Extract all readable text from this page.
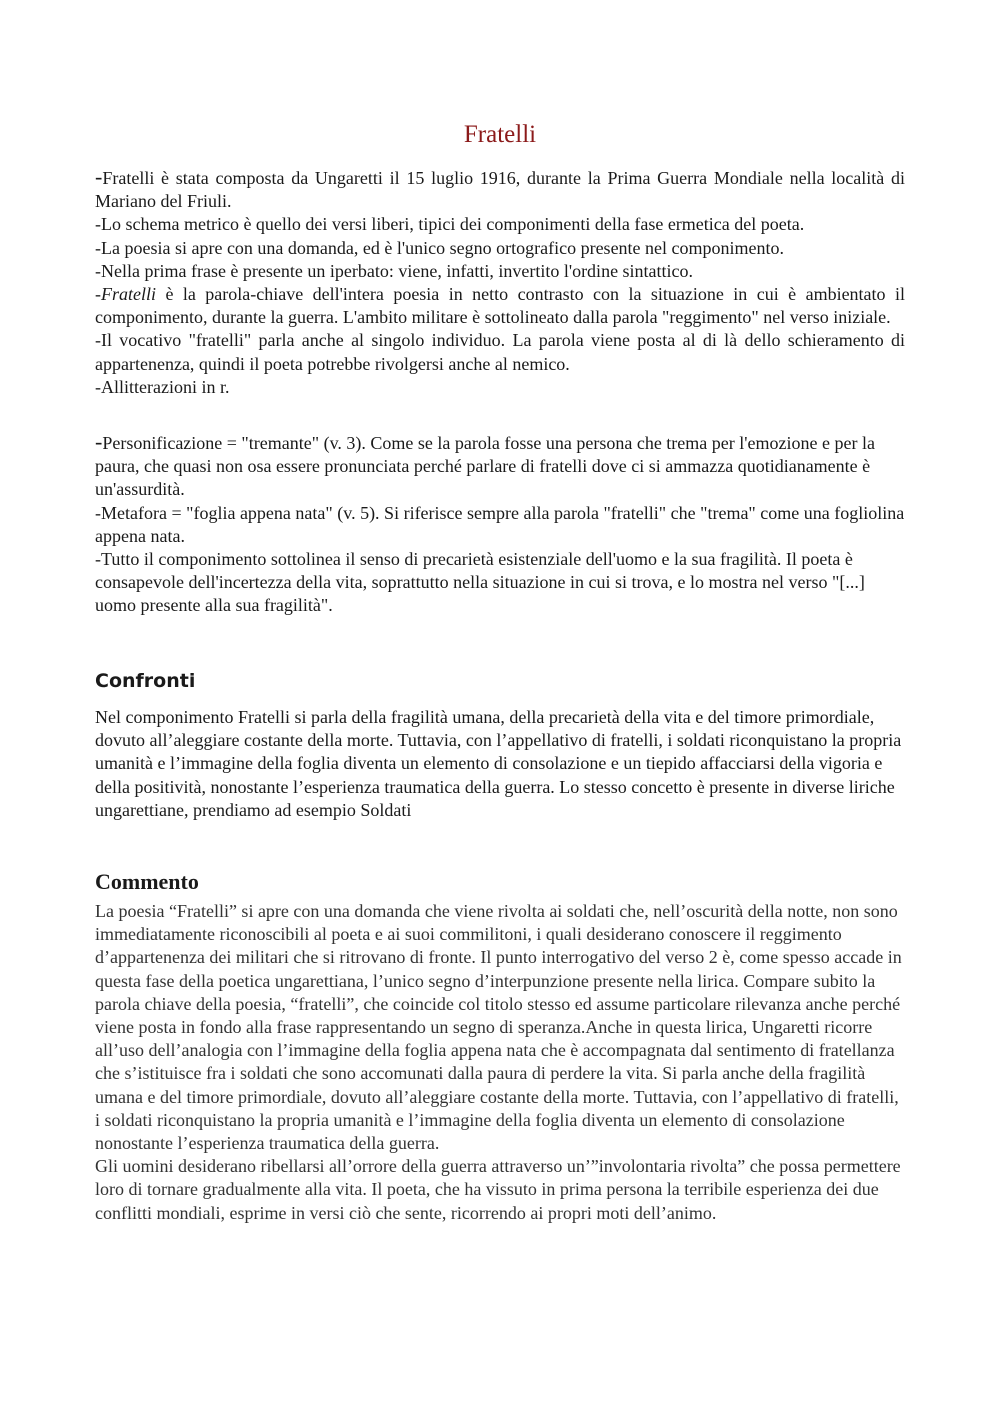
Fratelli

-Fratelli è stata composta da Ungaretti il 15 luglio 1916, durante la Prima Guerra Mondiale nella località di Mariano del Friuli.

-Lo schema metrico è quello dei versi liberi, tipici dei componimenti della fase ermetica del poeta.

-La poesia si apre con una domanda, ed è l'unico segno ortografico presente nel componimento.

-Nella prima frase è presente un iperbato: viene, infatti, invertito l'ordine sintattico.

-Fratelli è la parola-chiave dell'intera poesia in netto contrasto con la situazione in cui è ambientato il componimento, durante la guerra. L'ambito militare è sottolineato dalla parola "reggimento" nel verso iniziale.

-Il vocativo "fratelli" parla anche al singolo individuo. La parola viene posta al di là dello schieramento di appartenenza, quindi il poeta potrebbe rivolgersi anche al nemico.

-Allitterazioni in r.

-Personificazione = "tremante" (v. 3). Come se la parola fosse una persona che trema per l'emozione e per la paura, che quasi non osa essere pronunciata perché parlare di fratelli dove ci si ammazza quotidianamente è un'assurdità.

-Metafora = "foglia appena nata" (v. 5). Si riferisce sempre alla parola "fratelli" che "trema" come una fogliolina appena nata.

-Tutto il componimento sottolinea il senso di precarietà esistenziale dell'uomo e la sua fragilità. Il poeta è consapevole dell'incertezza della vita, soprattutto nella situazione in cui si trova, e lo mostra nel verso "[...] uomo presente alla sua fragilità".

Confronti

Nel componimento Fratelli si parla della fragilità umana, della precarietà della vita e del timore primordiale, dovuto all’aleggiare costante della morte. Tuttavia, con l’appellativo di fratelli, i soldati riconquistano la propria umanità e l’immagine della foglia diventa un elemento di consolazione e un tiepido affacciarsi della vigoria e della positività, nonostante l’esperienza traumatica della guerra. Lo stesso concetto è presente in diverse liriche ungarettiane, prendiamo ad esempio Soldati

Commento

La poesia “Fratelli” si apre con una domanda che viene rivolta ai soldati che, nell’oscurità della notte, non sono immediatamente riconoscibili al poeta e ai suoi commilitoni, i quali desiderano conoscere il reggimento d’appartenenza dei militari che si ritrovano di fronte. Il punto interrogativo del verso 2 è, come spesso accade in questa fase della poetica ungarettiana, l’unico segno d’interpunzione presente nella lirica. Compare subito la parola chiave della poesia, “fratelli”, che coincide col titolo stesso ed assume particolare rilevanza anche perché viene posta in fondo alla frase rappresentando un segno di speranza.Anche in questa lirica, Ungaretti ricorre all’uso dell’analogia con l’immagine della foglia appena nata che è accompagnata dal sentimento di fratellanza che s’istituisce fra i soldati che sono accomunati dalla paura di perdere la vita. Si parla anche della fragilità umana e del timore primordiale, dovuto all’aleggiare costante della morte. Tuttavia, con l’appellativo di fratelli, i soldati riconquistano la propria umanità e l’immagine della foglia diventa un elemento di consolazione nonostante l’esperienza traumatica della guerra.

Gli uomini desiderano ribellarsi all’orrore della guerra attraverso un’”involontaria rivolta” che possa permettere loro di tornare gradualmente alla vita. Il poeta, che ha vissuto in prima persona la terribile esperienza dei due conflitti mondiali, esprime in versi ciò che sente, ricorrendo ai propri moti dell’animo.
